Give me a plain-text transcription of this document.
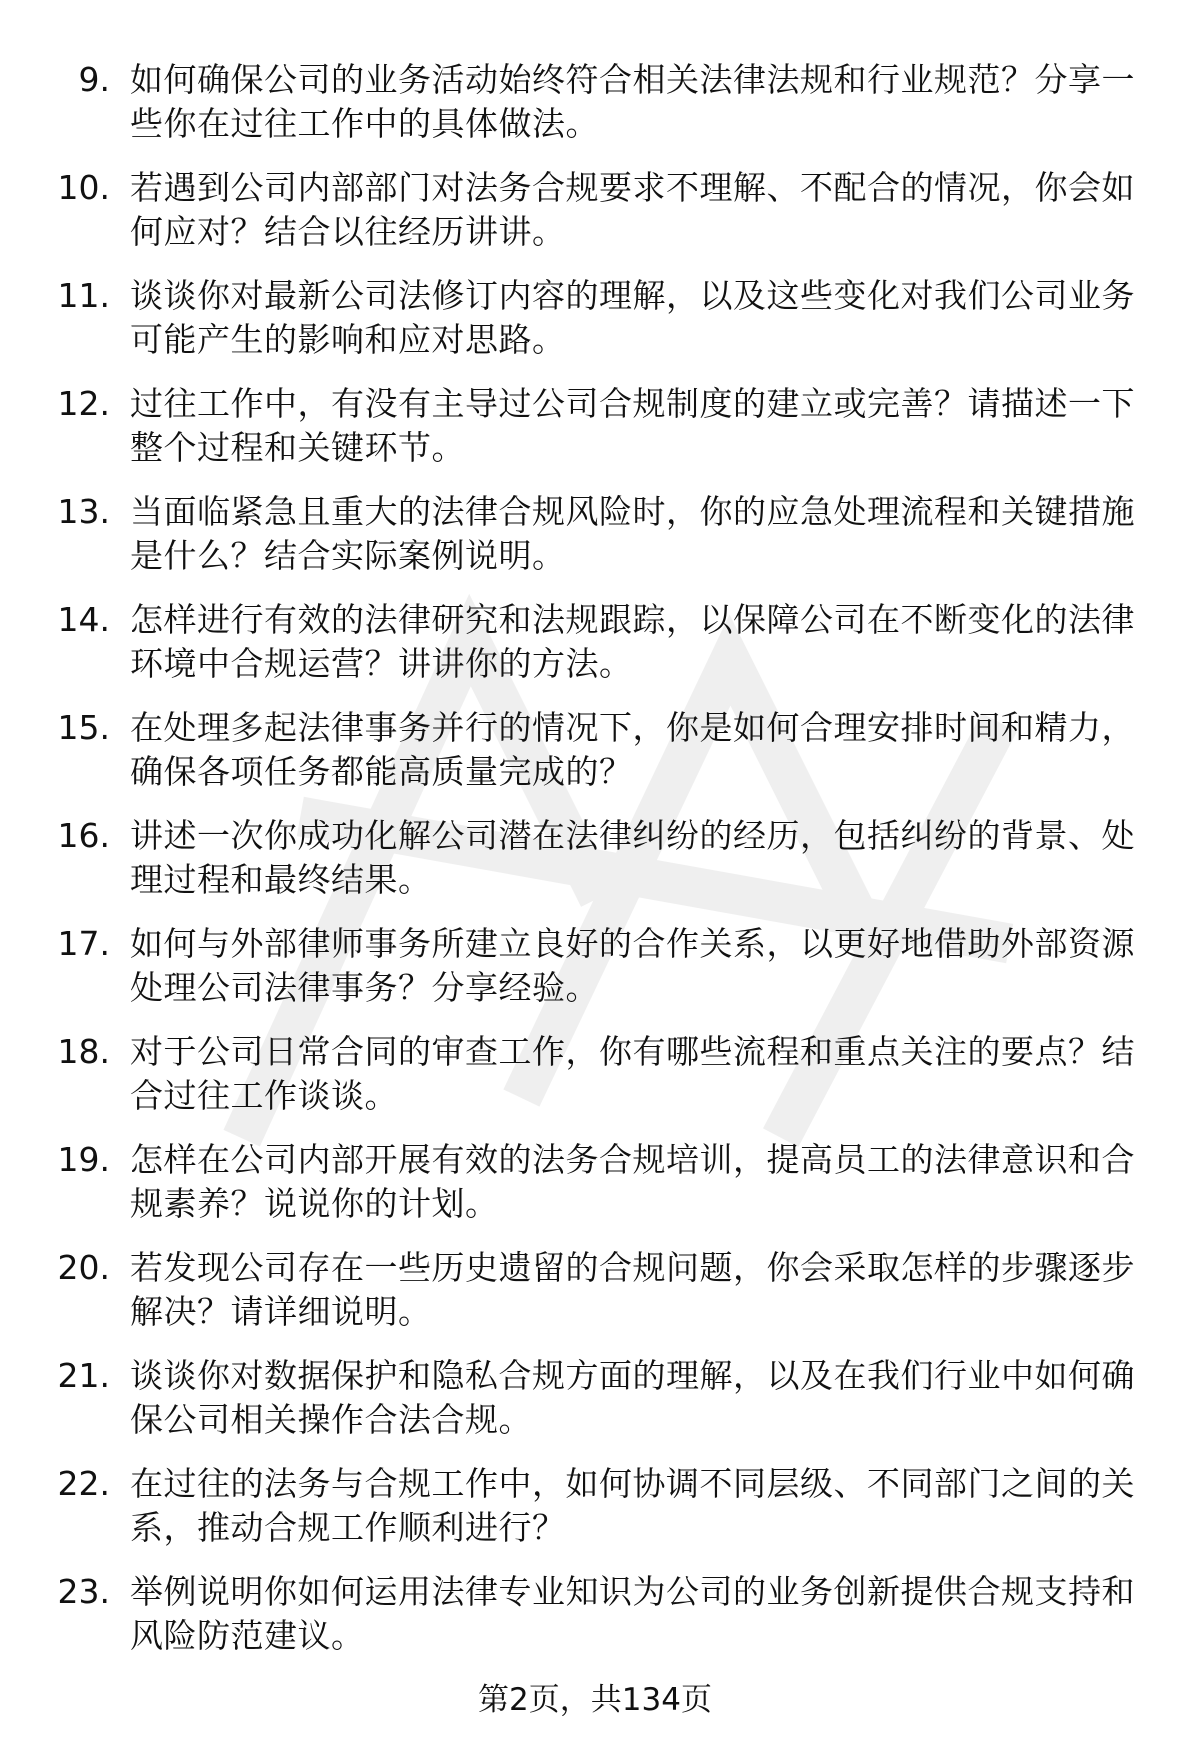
9. 如何确保公司的业务活动始终符合相关法律法规和行业规范？分享一些你在过往工作中的具体做法。
10. 若遇到公司内部部门对法务合规要求不理解、不配合的情况，你会如何应对？结合以往经历讲讲。
11. 谈谈你对最新公司法修订内容的理解，以及这些变化对我们公司业务可能产生的影响和应对思路。
12. 过往工作中，有没有主导过公司合规制度的建立或完善？请描述一下整个过程和关键环节。
13. 当面临紧急且重大的法律合规风险时，你的应急处理流程和关键措施是什么？结合实际案例说明。
14. 怎样进行有效的法律研究和法规跟踪，以保障公司在不断变化的法律环境中合规运营？讲讲你的方法。
15. 在处理多起法律事务并行的情况下，你是如何合理安排时间和精力，确保各项任务都能高质量完成的？
16. 讲述一次你成功化解公司潜在法律纠纷的经历，包括纠纷的背景、处理过程和最终结果。
17. 如何与外部律师事务所建立良好的合作关系，以更好地借助外部资源处理公司法律事务？分享经验。
18. 对于公司日常合同的审查工作，你有哪些流程和重点关注的要点？结合过往工作谈谈。
19. 怎样在公司内部开展有效的法务合规培训，提高员工的法律意识和合规素养？说说你的计划。
20. 若发现公司存在一些历史遗留的合规问题，你会采取怎样的步骤逐步解决？请详细说明。
21. 谈谈你对数据保护和隐私合规方面的理解，以及在我们行业中如何确保公司相关操作合法合规。
22. 在过往的法务与合规工作中，如何协调不同层级、不同部门之间的关系，推动合规工作顺利进行？
23. 举例说明你如何运用法律专业知识为公司的业务创新提供合规支持和风险防范建议。
第2页，共134页
